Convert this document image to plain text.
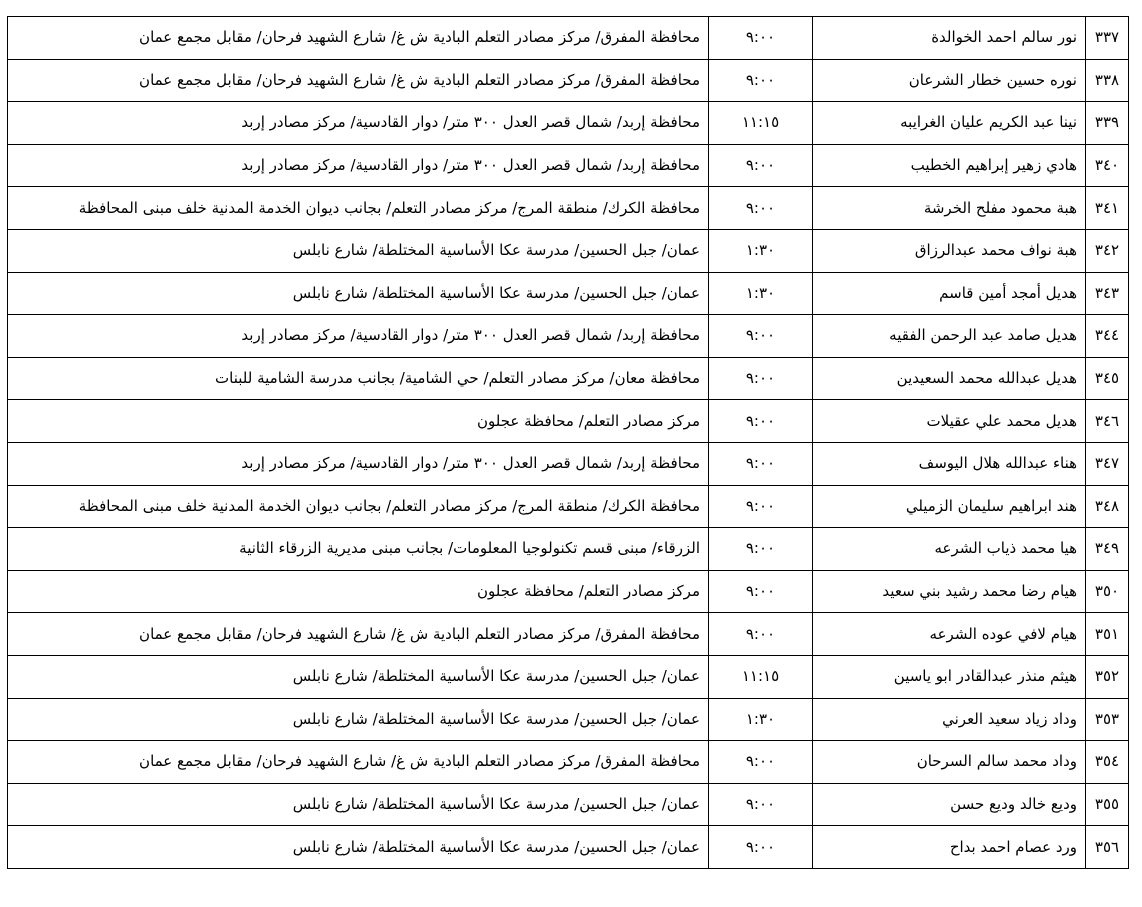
٣٣٧	نور سالم احمد الخوالدة	٩:٠٠	محافظة المفرق/ مركز مصادر التعلم البادية ش غ/ شارع الشهيد فرحان/ مقابل مجمع عمان
٣٣٨	نوره حسين خطار الشرعان	٩:٠٠	محافظة المفرق/ مركز مصادر التعلم البادية ش غ/ شارع الشهيد فرحان/ مقابل مجمع عمان
٣٣٩	نينا عبد الكريم عليان الغرايبه	١١:١٥	محافظة إربد/ شمال قصر العدل ٣٠٠ متر/ دوار القادسية/ مركز مصادر إربد
٣٤٠	هادي زهير إبراهيم الخطيب	٩:٠٠	محافظة إربد/ شمال قصر العدل ٣٠٠ متر/ دوار القادسية/ مركز مصادر إربد
٣٤١	هبة محمود مفلح الخرشة	٩:٠٠	محافظة الكرك/ منطقة المرج/ مركز مصادر التعلم/ بجانب ديوان الخدمة المدنية خلف مبنى المحافظة
٣٤٢	هبة نواف محمد عبدالرزاق	١:٣٠	عمان/ جبل الحسين/ مدرسة عكا الأساسية المختلطة/ شارع نابلس
٣٤٣	هديل أمجد أمين قاسم	١:٣٠	عمان/ جبل الحسين/ مدرسة عكا الأساسية المختلطة/ شارع نابلس
٣٤٤	هديل صامد عبد الرحمن الفقيه	٩:٠٠	محافظة إربد/ شمال قصر العدل ٣٠٠ متر/ دوار القادسية/ مركز مصادر إربد
٣٤٥	هديل عبدالله محمد السعيدين	٩:٠٠	محافظة معان/ مركز مصادر التعلم/ حي الشامية/ بجانب مدرسة الشامية للبنات
٣٤٦	هديل محمد علي عقيلات	٩:٠٠	مركز مصادر التعلم/ محافظة عجلون
٣٤٧	هناء عبدالله هلال اليوسف	٩:٠٠	محافظة إربد/ شمال قصر العدل ٣٠٠ متر/ دوار القادسية/ مركز مصادر إربد
٣٤٨	هند ابراهيم سليمان الزميلي	٩:٠٠	محافظة الكرك/ منطقة المرج/ مركز مصادر التعلم/ بجانب ديوان الخدمة المدنية خلف مبنى المحافظة
٣٤٩	هيا محمد ذياب الشرعه	٩:٠٠	الزرقاء/ مبنى قسم تكنولوجيا المعلومات/ بجانب مبنى مديرية الزرقاء الثانية
٣٥٠	هيام رضا محمد رشيد بني سعيد	٩:٠٠	مركز مصادر التعلم/ محافظة عجلون
٣٥١	هيام لافي عوده الشرعه	٩:٠٠	محافظة المفرق/ مركز مصادر التعلم البادية ش غ/ شارع الشهيد فرحان/ مقابل مجمع عمان
٣٥٢	هيثم منذر عبدالقادر ابو ياسين	١١:١٥	عمان/ جبل الحسين/ مدرسة عكا الأساسية المختلطة/ شارع نابلس
٣٥٣	وداد زياد سعيد العرني	١:٣٠	عمان/ جبل الحسين/ مدرسة عكا الأساسية المختلطة/ شارع نابلس
٣٥٤	وداد محمد سالم السرحان	٩:٠٠	محافظة المفرق/ مركز مصادر التعلم البادية ش غ/ شارع الشهيد فرحان/ مقابل مجمع عمان
٣٥٥	وديع خالد وديع حسن	٩:٠٠	عمان/ جبل الحسين/ مدرسة عكا الأساسية المختلطة/ شارع نابلس
٣٥٦	ورد عصام احمد بداح	٩:٠٠	عمان/ جبل الحسين/ مدرسة عكا الأساسية المختلطة/ شارع نابلس
